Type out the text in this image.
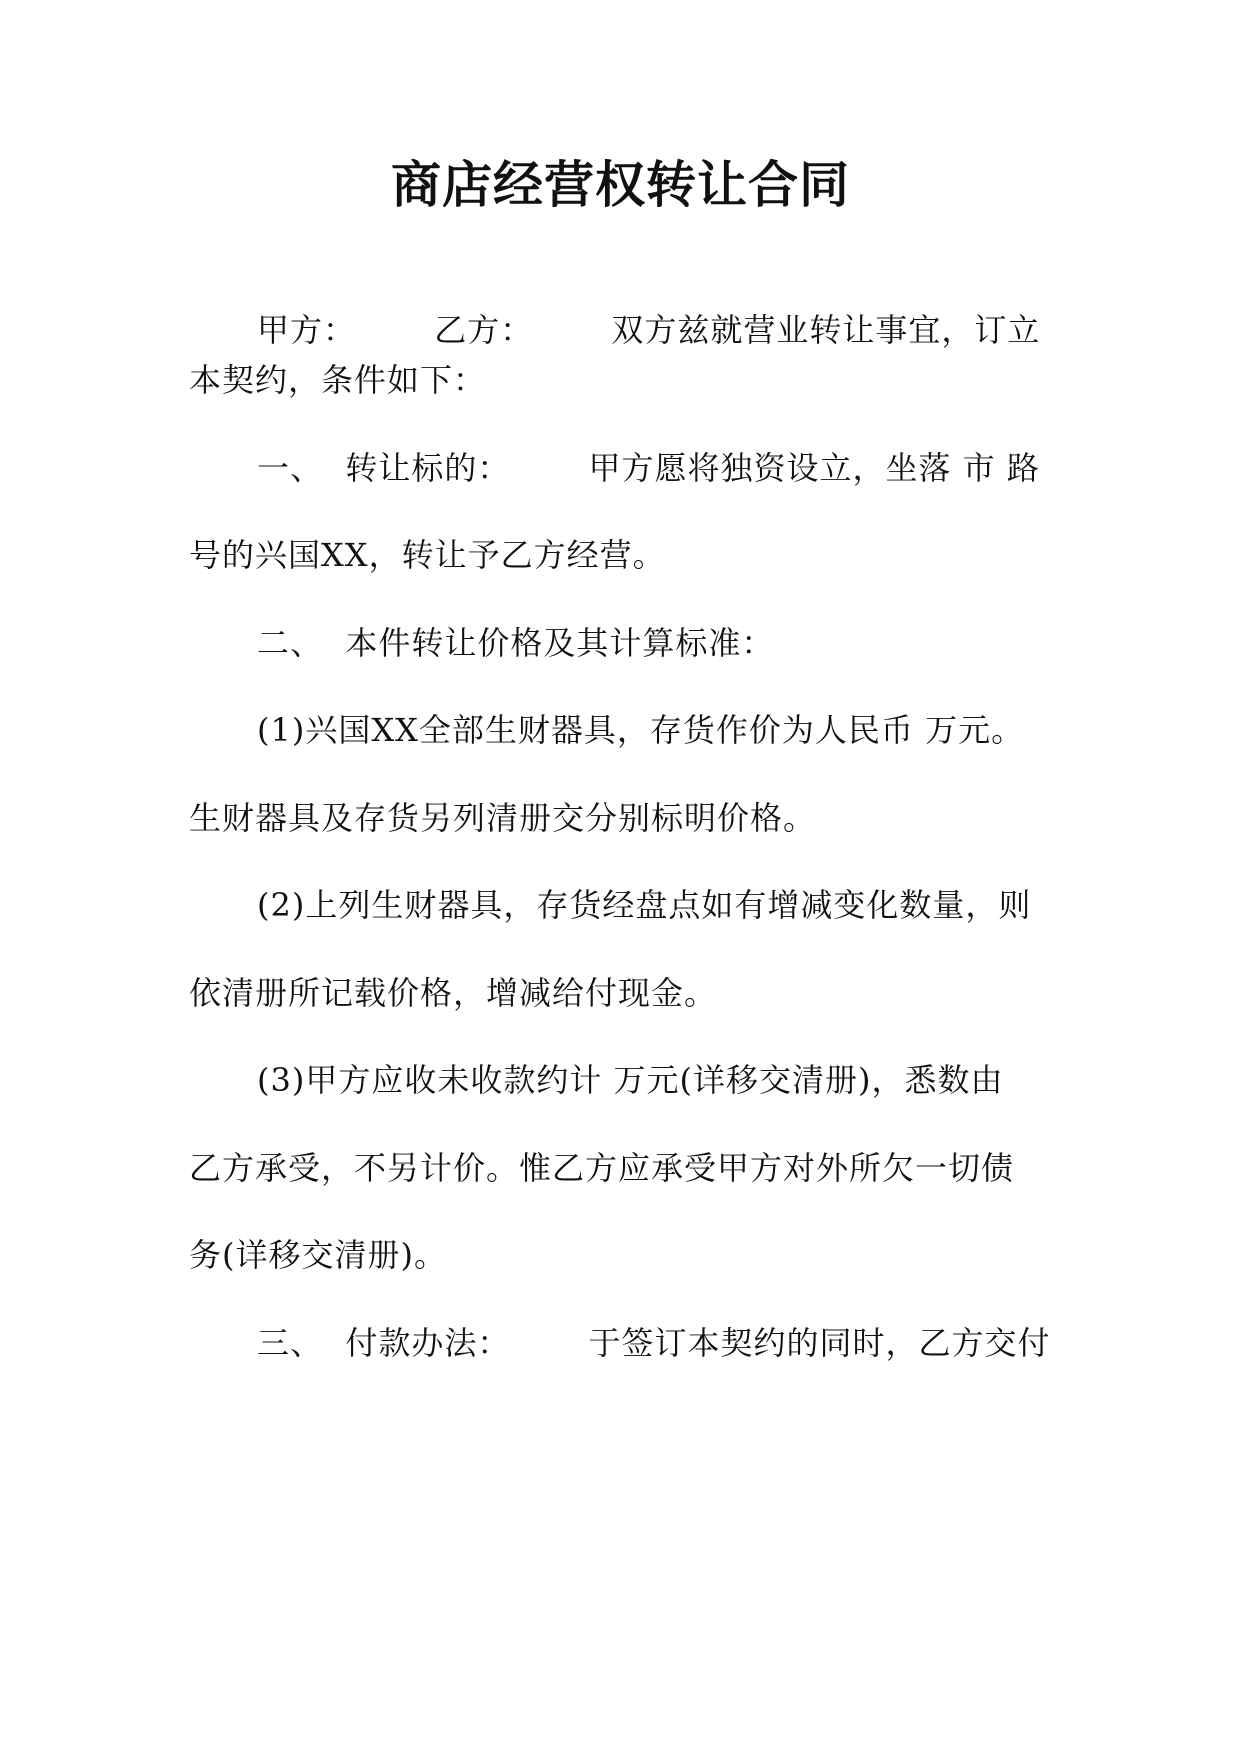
商店经营权转让合同
甲方：       乙方：       双方兹就营业转让事宜，订立
本契约，条件如下：
一、  转让标的：       甲方愿将独资设立，坐落 市 路
号的兴国XX，转让予乙方经营。
二、  本件转让价格及其计算标准：
(1)兴国XX全部生财器具，存货作价为人民币 万元。
生财器具及存货另列清册交分别标明价格。
(2)上列生财器具，存货经盘点如有增减变化数量，则
依清册所记载价格，增减给付现金。
(3)甲方应收未收款约计 万元(详移交清册)，悉数由
乙方承受，不另计价。惟乙方应承受甲方对外所欠一切债
务(详移交清册)。
三、  付款办法：       于签订本契约的同时，乙方交付
